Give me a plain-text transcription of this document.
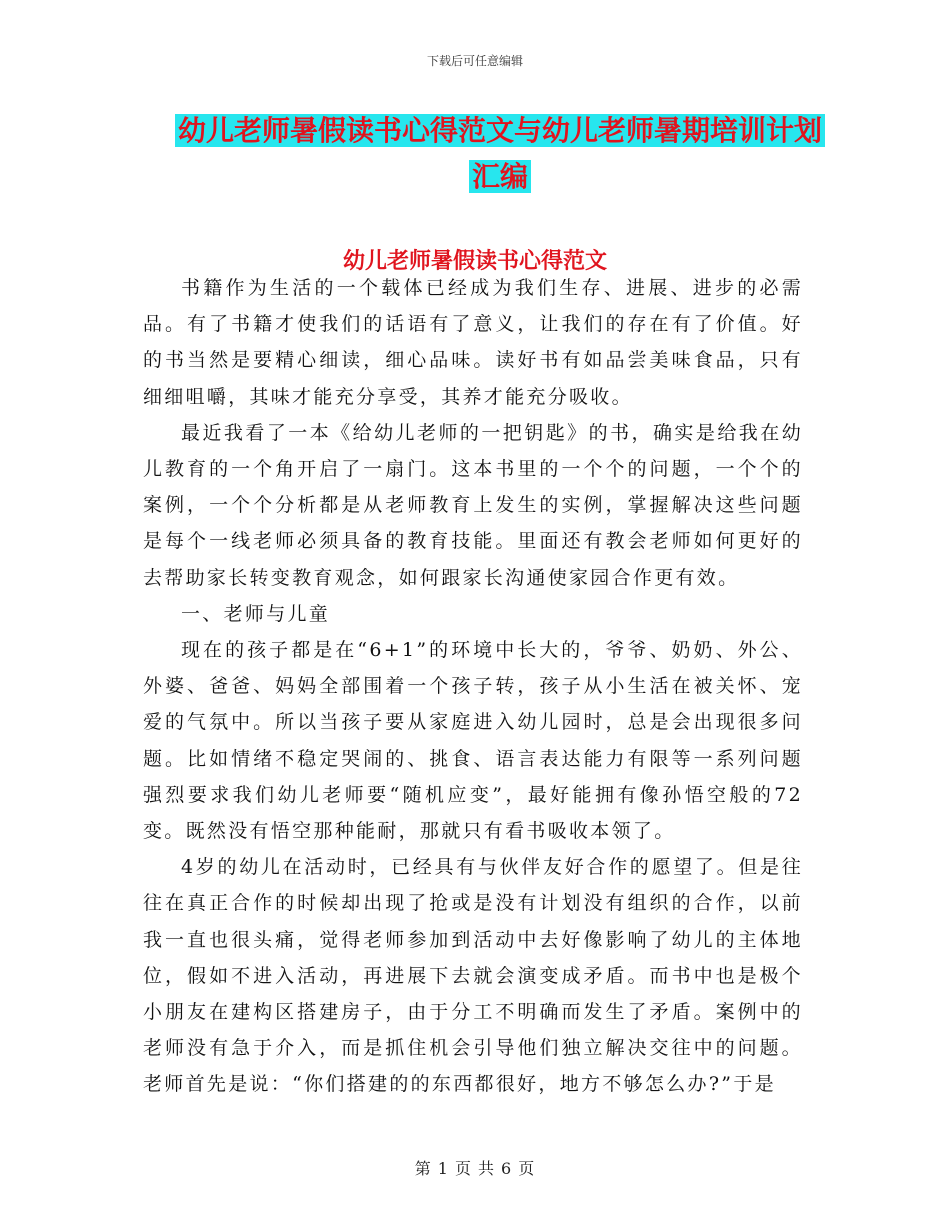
下载后可任意编辑
幼儿老师暑假读书心得范文与幼儿老师暑期培训计划
汇编
幼儿老师暑假读书心得范文

书籍作为生活的一个载体已经成为我们生存、进展、进步的必需品。有了书籍才使我们的话语有了意义，让我们的存在有了价值。好的书当然是要精心细读，细心品味。读好书有如品尝美味食品，只有细细咀嚼，其味才能充分享受，其养才能充分吸收。

最近我看了一本《给幼儿老师的一把钥匙》的书，确实是给我在幼儿教育的一个角开启了一扇门。这本书里的一个个的问题，一个个的案例，一个个分析都是从老师教育上发生的实例，掌握解决这些问题是每个一线老师必须具备的教育技能。里面还有教会老师如何更好的去帮助家长转变教育观念，如何跟家长沟通使家园合作更有效。

一、老师与儿童

现在的孩子都是在“6+1”的环境中长大的，爷爷、奶奶、外公、外婆、爸爸、妈妈全部围着一个孩子转，孩子从小生活在被关怀、宠爱的气氛中。所以当孩子要从家庭进入幼儿园时，总是会出现很多问题。比如情绪不稳定哭闹的、挑食、语言表达能力有限等一系列问题强烈要求我们幼儿老师要“随机应变”，最好能拥有像孙悟空般的72变。既然没有悟空那种能耐，那就只有看书吸收本领了。

4岁的幼儿在活动时，已经具有与伙伴友好合作的愿望了。但是往往在真正合作的时候却出现了抢或是没有计划没有组织的合作，以前我一直也很头痛，觉得老师参加到活动中去好像影响了幼儿的主体地位，假如不进入活动，再进展下去就会演变成矛盾。而书中也是极个小朋友在建构区搭建房子，由于分工不明确而发生了矛盾。案例中的老师没有急于介入，而是抓住机会引导他们独立解决交往中的问题。老师首先是说：“你们搭建的的东西都很好，地方不够怎么办?”于是

第 1 页 共 6 页
